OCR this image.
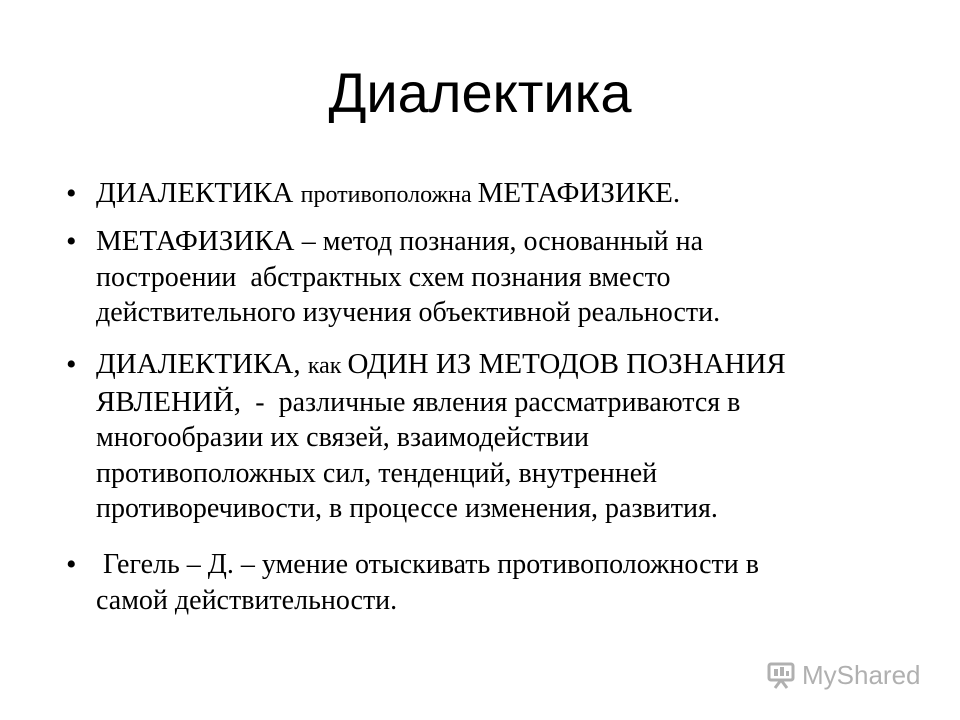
Диалектика
• ДИАЛЕКТИКА противоположна МЕТАФИЗИКЕ.
• МЕТАФИЗИКА – метод познания, основанный на
построении  абстрактных схем познания вместо
действительного изучения объективной реальности.
• ДИАЛЕКТИКА, как ОДИН ИЗ МЕТОДОВ ПОЗНАНИЯ
ЯВЛЕНИЙ,  -  различные явления рассматриваются в
многообразии их связей, взаимодействии
противоположных сил, тенденций, внутренней
противоречивости, в процессе изменения, развития.
• Гегель – Д. – умение отыскивать противоположности в
самой действительности.
MyShared
